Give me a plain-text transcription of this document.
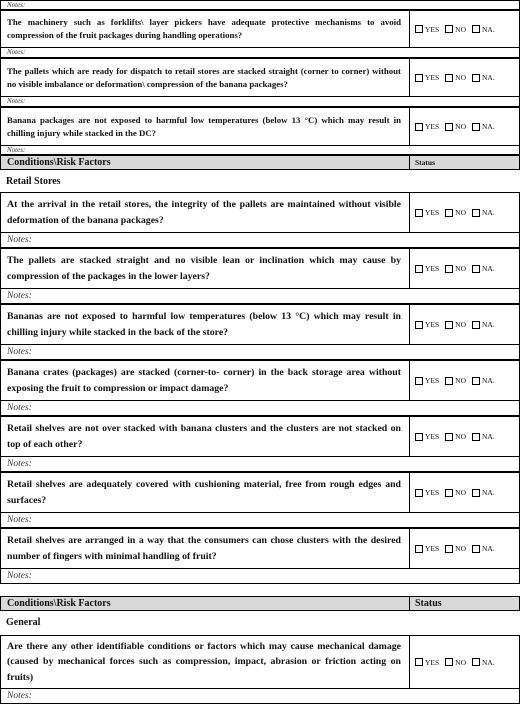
Notes:
The machinery such as forklifts\ layer pickers have adequate protective mechanisms to avoid compression of the fruit packages during handling operations?
YES NO NA.
Notes:
The pallets which are ready for dispatch to retail stores are stacked straight (corner to corner) without no visible imbalance or deformation\ compression of the banana packages?
YES NO NA.
Notes:
Banana packages are not exposed to harmful low temperatures (below 13 °C) which may result in chilling injury while stacked in the DC?
YES NO NA.
Notes:
Conditions\Risk Factors	Status
Retail Stores
At the arrival in the retail stores, the integrity of the pallets are maintained without visible deformation of the banana packages?
YES NO NA.
Notes:
The pallets are stacked straight and no visible lean or inclination which may cause by compression of the packages in the lower layers?
YES NO NA.
Notes:
Bananas are not exposed to harmful low temperatures (below 13 °C) which may result in chilling injury while stacked in the back of the store?
YES NO NA.
Notes:
Banana crates (packages) are stacked (corner-to- corner) in the back storage area without exposing the fruit to compression or impact damage?
YES NO NA.
Notes:
Retail shelves are not over stacked with banana clusters and the clusters are not stacked on top of each other?
YES NO NA.
Notes:
Retail shelves are adequately covered with cushioning material, free from rough edges and surfaces?
YES NO NA.
Notes:
Retail shelves are arranged in a way that the consumers can chose clusters with the desired number of fingers with minimal handling of fruit?
YES NO NA.
Notes:
Conditions\Risk Factors	Status
General
Are there any other identifiable conditions or factors which may cause mechanical damage (caused by mechanical forces such as compression, impact, abrasion or friction acting on fruits)
YES NO NA.
Notes:
